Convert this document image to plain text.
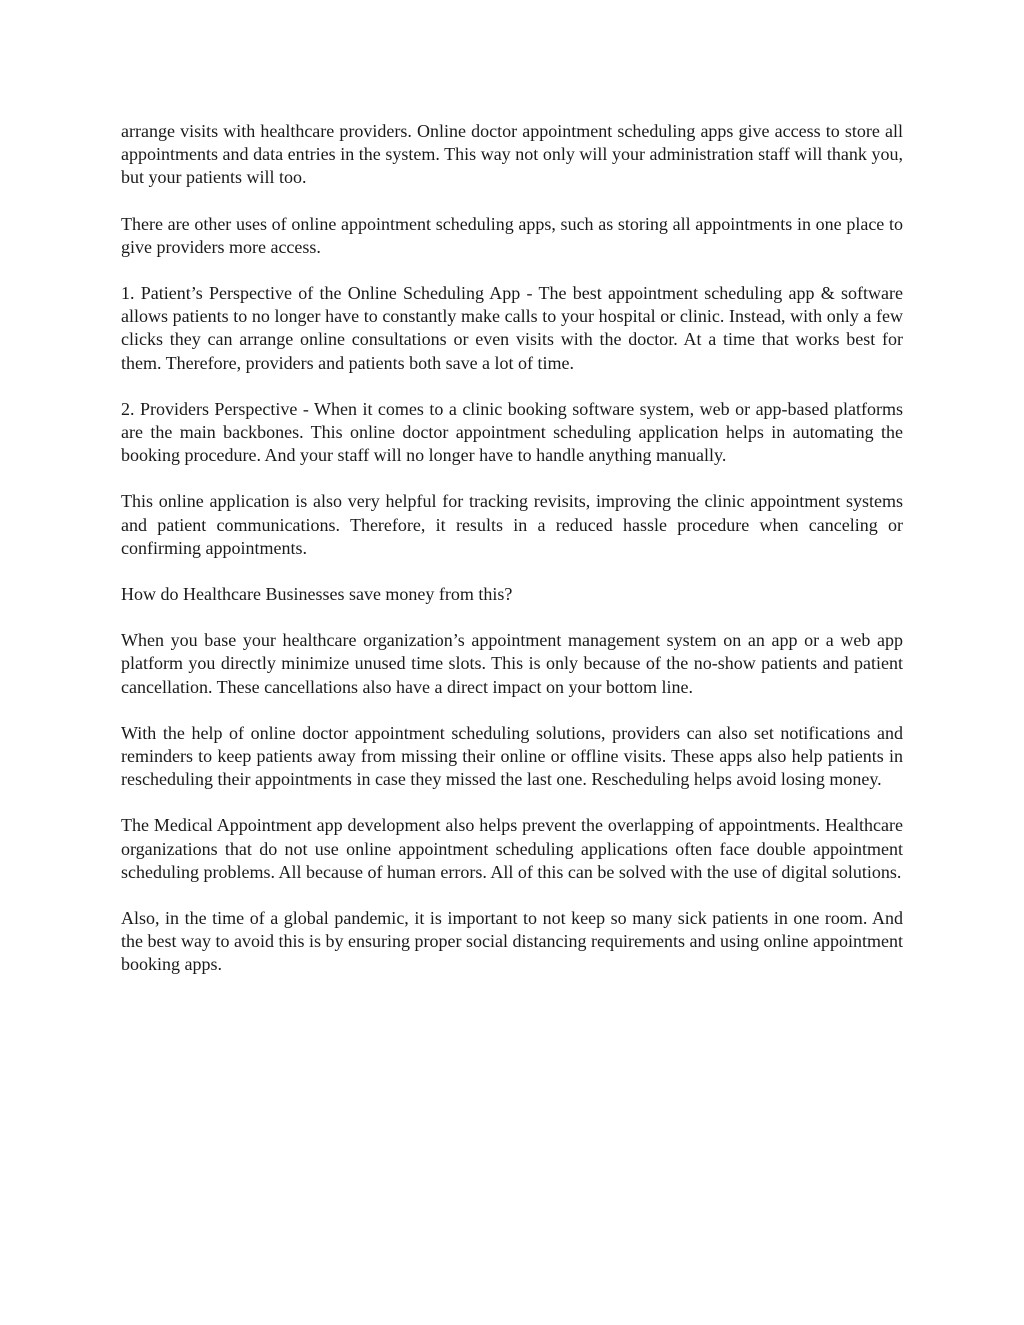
arrange visits with healthcare providers. Online doctor appointment scheduling apps give access to store all appointments and data entries in the system. This way not only will your administration staff will thank you, but your patients will too.

There are other uses of online appointment scheduling apps, such as storing all appointments in one place to give providers more access.

1. Patient’s Perspective of the Online Scheduling App - The best appointment scheduling app & software allows patients to no longer have to constantly make calls to your hospital or clinic. Instead, with only a few clicks they can arrange online consultations or even visits with the doctor. At a time that works best for them. Therefore, providers and patients both save a lot of time.

2. Providers Perspective - When it comes to a clinic booking software system, web or app-based platforms are the main backbones. This online doctor appointment scheduling application helps in automating the booking procedure. And your staff will no longer have to handle anything manually.

This online application is also very helpful for tracking revisits, improving the clinic appointment systems and patient communications. Therefore, it results in a reduced hassle procedure when canceling or confirming appointments.

How do Healthcare Businesses save money from this?

When you base your healthcare organization’s appointment management system on an app or a web app platform you directly minimize unused time slots. This is only because of the no-show patients and patient cancellation. These cancellations also have a direct impact on your bottom line.

With the help of online doctor appointment scheduling solutions, providers can also set notifications and reminders to keep patients away from missing their online or offline visits. These apps also help patients in rescheduling their appointments in case they missed the last one. Rescheduling helps avoid losing money.

The Medical Appointment app development also helps prevent the overlapping of appointments. Healthcare organizations that do not use online appointment scheduling applications often face double appointment scheduling problems. All because of human errors. All of this can be solved with the use of digital solutions.

Also, in the time of a global pandemic, it is important to not keep so many sick patients in one room. And the best way to avoid this is by ensuring proper social distancing requirements and using online appointment booking apps.
